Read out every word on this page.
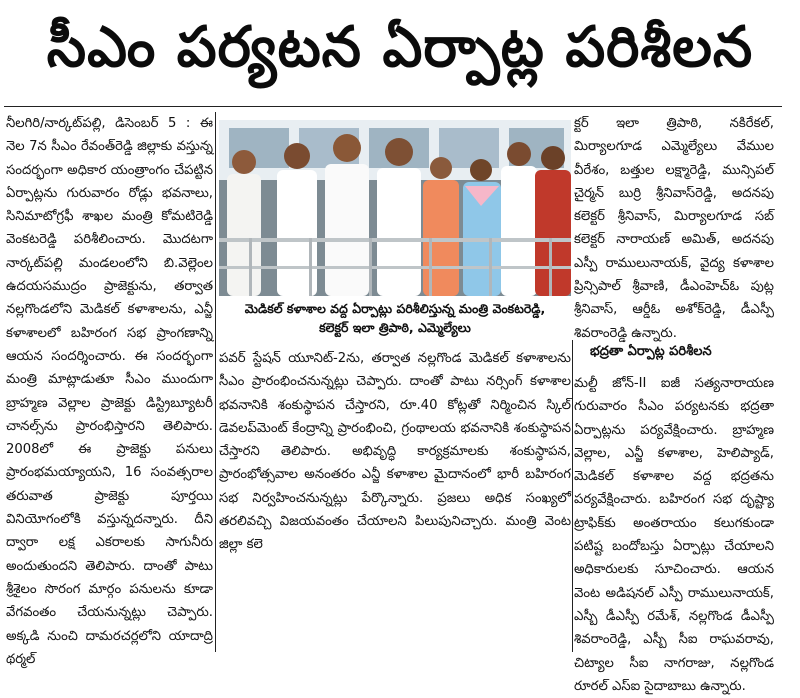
సీఎం పర్యటన ఏర్పాట్ల పరిశీలన

నీలగిరి/నార్కట్‌పల్లి, డిసెంబర్ 5 : ఈ నెల 7న సీఎం రేవంత్‌రెడ్డి జిల్లాకు వస్తున్న సందర్భంగా అధికార యంత్రాంగం చేపట్టిన ఏర్పాట్లను గురువారం రోడ్లు భవనాలు, సినిమాటోగ్రఫీ శాఖల మంత్రి కోమటిరెడ్డి వెంకటరెడ్డి పరిశీలించారు. మొదటగా నార్కట్‌పల్లి మండలంలోని బి.వెల్లెంల ఉదయసముద్రం ప్రాజెక్టును, తర్వాత నల్లగొండలోని మెడికల్ కళాశాలను, ఎన్జీ కళాశాలలో బహిరంగ సభ ప్రాంగణాన్ని ఆయన సందర్శించారు. ఈ సందర్భంగా మంత్రి మాట్లాడుతూ సీఎం ముందుగా బ్రాహ్మణ వెల్లాల ప్రాజెక్టు డిస్ట్రిబ్యూటరీ చానల్స్‌ను ప్రారంభిస్తారని తెలిపారు. 2008లో ఈ ప్రాజెక్టు పనులు ప్రారంభమయ్యాయని, 16 సంవత్సరాల తరువాత ప్రాజెక్టు పూర్తయి వినియోగంలోకి వస్తున్నదన్నారు. దీని ద్వారా లక్ష ఎకరాలకు సాగునీరు అందుతుందని తెలిపారు. దాంతో పాటు శ్రీశైలం సొరంగ మార్గం పనులను కూడా వేగవంతం చేయనున్నట్లు చెప్పారు. అక్కడి నుంచి దామరచర్లలోని యాదాద్రి థర్మల్

మెడికల్ కళాశాల వద్ద ఏర్పాట్లు పరిశీలిస్తున్న మంత్రి వెంకటరెడ్డి,
కలెక్టర్ ఇలా త్రిపాఠి, ఎమ్మెల్యేలు

పవర్ స్టేషన్ యూనిట్-2ను, తర్వాత నల్లగొండ మెడికల్ కళాశాలను సీఎం ప్రారంభించనున్నట్లు చెప్పారు. దాంతో పాటు నర్సింగ్ కళాశాల భవనానికి శంకుస్థాపన చేస్తారని, రూ.40 కోట్లతో నిర్మించిన స్కిల్ డెవలప్‌మెంట్ కేంద్రాన్ని ప్రారంభించి, గ్రంథాలయ భవనానికి శంకుస్థాపన చేస్తారని తెలిపారు. అభివృద్ధి కార్యక్రమాలకు శంకుస్థాపన, ప్రారంభోత్సవాల అనంతరం ఎన్జీ కళాశాల మైదానంలో భారీ బహిరంగ సభ నిర్వహించనున్నట్లు పేర్కొన్నారు. ప్రజలు అధిక సంఖ్యలో తరలివచ్చి విజయవంతం చేయాలని పిలుపునిచ్చారు. మంత్రి వెంట జిల్లా కలె

క్టర్ ఇలా త్రిపాఠి, నకిరేకల్, మిర్యాలగూడ ఎమ్మెల్యేలు వేముల వీరేశం, బత్తుల లక్ష్మారెడ్డి, మున్సిపల్ చైర్మన్ బుర్రి శ్రీనివాస్‌రెడ్డి, అదనపు కలెక్టర్ శ్రీనివాస్, మిర్యాలగూడ సబ్ కలెక్టర్ నారాయణ్ అమిత్, అదనపు ఎస్పీ రాములునాయక్, వైద్య కళాశాల ప్రిన్సిపాల్ శ్రీవాణి, డీఎంహెచ్‌ఓ పుట్ల శ్రీనివాస్, ఆర్డీఓ అశోక్‌రెడ్డి, డీఎస్పీ శివరాంరెడ్డి ఉన్నారు.

భద్రతా ఏర్పాట్ల పరిశీలన

మల్టీ జోన్-II ఐజీ సత్యనారాయణ గురువారం సీఎం పర్యటనకు భద్రతా ఏర్పాట్లను పర్యవేక్షించారు. బ్రాహ్మణ వెల్లాల, ఎన్జీ కళాశాల, హెలిప్యాడ్, మెడికల్ కళాశాల వద్ద భద్రతను పర్యవేక్షించారు. బహిరంగ సభ దృష్ట్యా ట్రాఫిక్‌కు అంతరాయం కలుగకుండా పటిష్ట బందోబస్తు ఏర్పాట్లు చేయాలని అధికారులకు సూచించారు. ఆయన వెంట అడిషనల్ ఎస్పీ రాములునాయక్, ఎస్బీ డీఎస్పీ రమేశ్, నల్లగొండ డీఎస్పీ శివరాంరెడ్డి, ఎస్బీ సీఐ రాఘవరావు, చిట్యాల సీఐ నాగరాజు, నల్లగొండ రూరల్ ఎస్‌ఐ సైదాబాబు ఉన్నారు.
